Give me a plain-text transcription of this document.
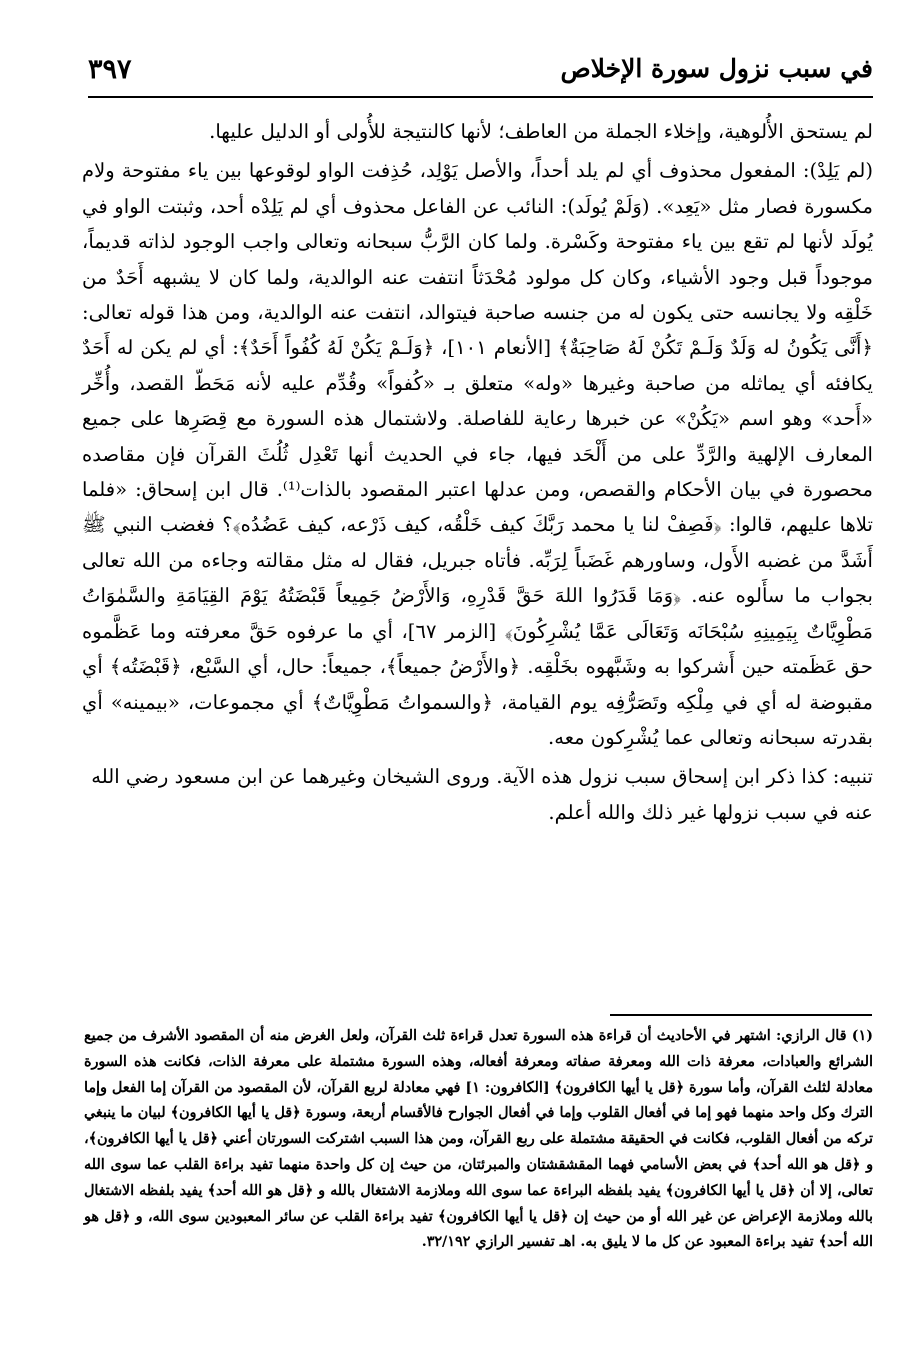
في سبب نزول سورة الإخلاص
٣٩٧

لم يستحق الأُلوهية، وإخلاء الجملة من العاطف؛ لأنها كالنتيجة للأُولى أو الدليل عليها.

(لم يَلِدْ): المفعول محذوف أي لم يلد أحداً، والأصل يَوْلِد، حُذِفت الواو لوقوعها بين ياء مفتوحة ولام مكسورة فصار مثل «يَعِد». (وَلَمْ يُولَد): النائب عن الفاعل محذوف أي لم يَلِدْه أحد، وثبتت الواو في يُولَد لأنها لم تقع بين ياء مفتوحة وكَسْرة. ولما كان الرَّبُّ سبحانه وتعالى واجب الوجود لذاته قديماً، موجوداً قبل وجود الأشياء، وكان كل مولود مُحْدَثاً انتفت عنه الوالدية، ولما كان لا يشبهه أَحَدٌ من خَلْقِه ولا يجانسه حتى يكون له من جنسه صاحبة فيتوالد، انتفت عنه الوالدية، ومن هذا قوله تعالى: ﴿أَنَّى يَكُونُ له وَلَدٌ وَلَـمْ تَكُنْ لَهُ صَاحِبَةٌ﴾ [الأنعام ١٠١]، ﴿وَلَـمْ يَكُنْ لَهُ كُفُواً أَحَدٌ﴾: أي لم يكن له أَحَدٌ يكافئه أي يماثله من صاحبة وغيرها «وله» متعلق بـ «كُفواً» وقُدِّم عليه لأنه مَحَطّ القصد، وأُخِّر «أَحد» وهو اسم «يَكُنْ» عن خبرها رعاية للفاصلة. ولاشتمال هذه السورة مع قِصَرِها على جميع المعارف الإلهية والرَّدِّ على من أَلْحَد فيها، جاء في الحديث أنها تَعْدِل ثُلُثَ القرآن فإن مقاصده محصورة في بيان الأحكام والقصص، ومن عدلها اعتبر المقصود بالذات⁽¹⁾. قال ابن إسحاق: «فلما تلاها عليهم، قالوا: ﴿فَصِفْ لنا يا محمد رَبَّكَ كيف خَلْقُه، كيف ذَرْعه، كيف عَضُدُه﴾؟ فغضب النبي ﷺ أَشَدَّ من غضبه الأَول، وساورهم غَضَباً لِرَبِّه. فأتاه جبريل، فقال له مثل مقالته وجاءه من الله تعالى بجواب ما سأَلوه عنه. ﴿وَمَا قَدَرُوا اللهَ حَقَّ قَدْرِهِ، وَالأَرْضُ جَمِيعاً قَبْضَتُهُ يَوْمَ القِيَامَةِ والسَّمٰوَاتُ مَطْوِيَّاتٌ بِيَمِينِهِ سُبْحَانَه وَتَعَالَى عَمَّا يُشْرِكُونَ﴾ [الزمر ٦٧]، أي ما عرفوه حَقَّ معرفته وما عَظَّموه حق عَظَمته حين أَشركوا به وشَبَّهوه بخَلْقِه. ﴿والأَرْضُ جميعاً﴾، جميعاً: حال، أي السَّبْع، ﴿قَبْضَتُه﴾ أي مقبوضة له أي في مِلْكِه وتَصَرُّفِه يوم القيامة، ﴿والسمواتُ مَطْوِيَّاتٌ﴾ أي مجموعات، «بيمينه» أي بقدرته سبحانه وتعالى عما يُشْرِكون معه.

تنبيه: كذا ذكر ابن إسحاق سبب نزول هذه الآية. وروى الشيخان وغيرهما عن ابن مسعود رضي الله عنه في سبب نزولها غير ذلك والله أعلم.

(١) قال الرازي: اشتهر في الأحاديث أن قراءة هذه السورة تعدل قراءة ثلث القرآن، ولعل الغرض منه أن المقصود الأشرف من جميع الشرائع والعبادات، معرفة ذات الله ومعرفة صفاته ومعرفة أفعاله، وهذه السورة مشتملة على معرفة الذات، فكانت هذه السورة معادلة لثلث القرآن، وأما سورة ﴿قل يا أيها الكافرون﴾ [الكافرون: ١] فهي معادلة لربع القرآن، لأن المقصود من القرآن إما الفعل وإما الترك وكل واحد منهما فهو إما في أفعال القلوب وإما في أفعال الجوارح فالأقسام أربعة، وسورة ﴿قل يا أيها الكافرون﴾ لبيان ما ينبغي تركه من أفعال القلوب، فكانت في الحقيقة مشتملة على ربع القرآن، ومن هذا السبب اشتركت السورتان أعني ﴿قل يا أيها الكافرون﴾، و ﴿قل هو الله أحد﴾ في بعض الأسامي فهما المقشقشتان والمبرئتان، من حيث إن كل واحدة منهما تفيد براءة القلب عما سوى الله تعالى، إلا أن ﴿قل يا أيها الكافرون﴾ يفيد بلفظه البراءة عما سوى الله وملازمة الاشتغال بالله و ﴿قل هو الله أحد﴾ يفيد بلفظه الاشتغال بالله وملازمة الإعراض عن غير الله أو من حيث إن ﴿قل يا أيها الكافرون﴾ تفيد براءة القلب عن سائر المعبودين سوى الله، و ﴿قل هو الله أحد﴾ تفيد براءة المعبود عن كل ما لا يليق به. اهـ تفسير الرازي ٣٢/١٩٢.
